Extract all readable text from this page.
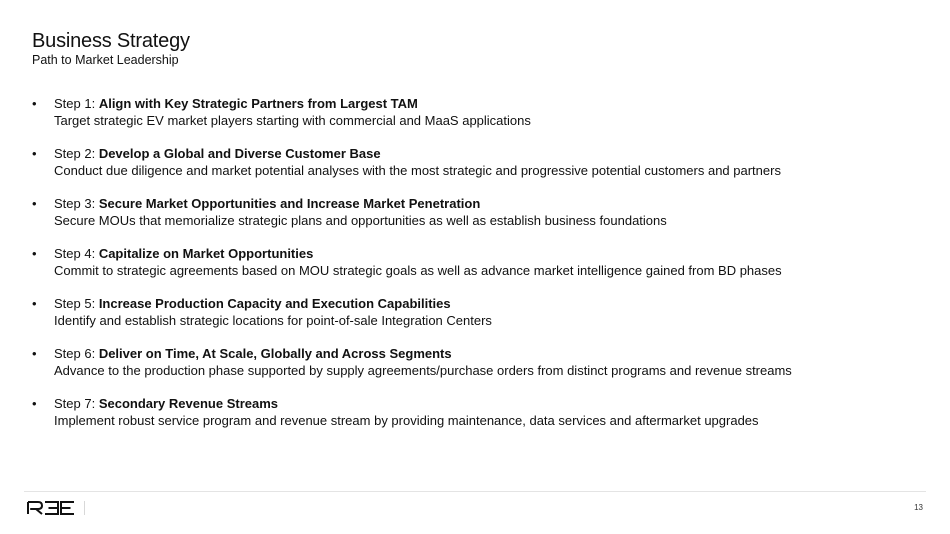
Business Strategy
Path to Market Leadership
• Step 1: Align with Key Strategic Partners from Largest TAM
Target strategic EV market players starting with commercial and MaaS applications
• Step 2: Develop a Global and Diverse Customer Base
Conduct due diligence and market potential analyses with the most strategic and progressive potential customers and partners
• Step 3: Secure Market Opportunities and Increase Market Penetration
Secure MOUs that memorialize strategic plans and opportunities as well as establish business foundations
• Step 4: Capitalize on Market Opportunities
Commit to strategic agreements based on MOU strategic goals as well as advance market intelligence gained from BD phases
• Step 5: Increase Production Capacity and Execution Capabilities
Identify and establish strategic locations for point-of-sale Integration Centers
• Step 6: Deliver on Time, At Scale, Globally and Across Segments
Advance to the production phase supported by supply agreements/purchase orders from distinct programs and revenue streams
• Step 7: Secondary Revenue Streams
Implement robust service program and revenue stream by providing maintenance, data services and aftermarket upgrades
13
